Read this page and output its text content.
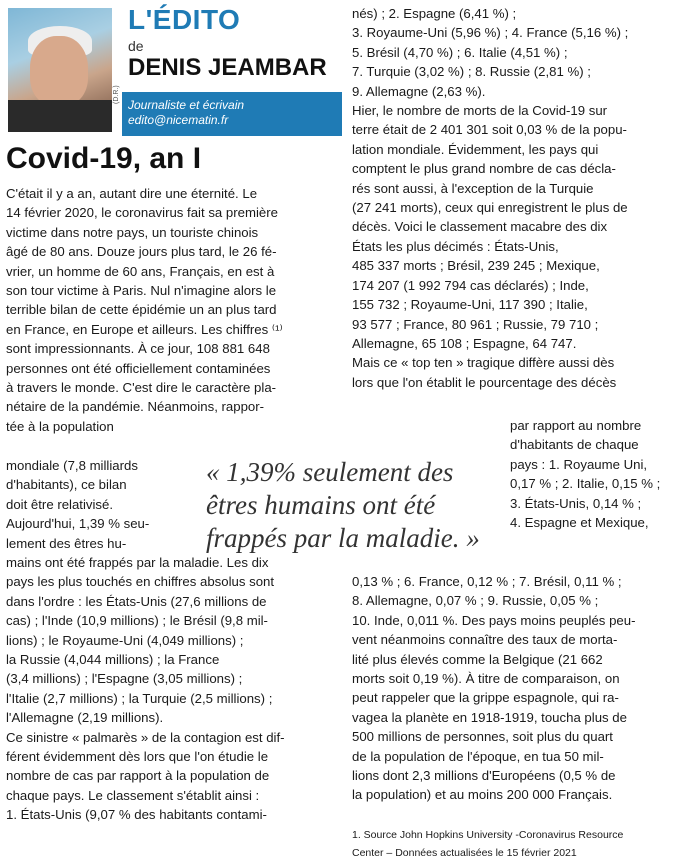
(D.R.)
L'ÉDITO
de
DENIS JEAMBAR
Journaliste et écrivain
edito@nicematin.fr
Covid-19, an I
C'était il y a an, autant dire une éternité. Le
14 février 2020, le coronavirus fait sa première
victime dans notre pays, un touriste chinois
âgé de 80 ans. Douze jours plus tard, le 26 fé-
vrier, un homme de 60 ans, Français, en est à
son tour victime à Paris. Nul n'imagine alors le
terrible bilan de cette épidémie un an plus tard
en France, en Europe et ailleurs. Les chiffres ⁽¹⁾
sont impressionnants. À ce jour, 108 881 648
personnes ont été officiellement contaminées
à travers le monde. C'est dire le caractère pla-
nétaire de la pandémie. Néanmoins, rappor-
tée à la population
mondiale (7,8 milliards
d'habitants), ce bilan
doit être relativisé.
Aujourd'hui, 1,39 % seu-
lement des êtres hu-
mains ont été frappés par la maladie. Les dix
pays les plus touchés en chiffres absolus sont
dans l'ordre : les États-Unis (27,6 millions de
cas) ; l'Inde (10,9 millions) ; le Brésil (9,8 mil-
lions) ; le Royaume-Uni (4,049 millions) ;
la Russie (4,044 millions) ; la France
(3,4 millions) ; l'Espagne (3,05 millions) ;
l'Italie (2,7 millions) ; la Turquie (2,5 millions) ;
l'Allemagne (2,19 millions).
Ce sinistre « palmarès » de la contagion est dif-
férent évidemment dès lors que l'on étudie le
nombre de cas par rapport à la population de
chaque pays. Le classement s'établit ainsi :
1. États-Unis (9,07 % des habitants contami-
nés) ; 2. Espagne (6,41 %) ;
3. Royaume-Uni (5,96 %) ; 4. France (5,16 %) ;
5. Brésil (4,70 %) ; 6. Italie (4,51 %) ;
7. Turquie (3,02 %) ; 8. Russie (2,81 %) ;
9. Allemagne (2,63 %).
Hier, le nombre de morts de la Covid-19 sur
terre était de 2 401 301 soit 0,03 % de la popu-
lation mondiale. Évidemment, les pays qui
comptent le plus grand nombre de cas décla-
rés sont aussi, à l'exception de la Turquie
(27 241 morts), ceux qui enregistrent le plus de
décès. Voici le classement macabre des dix
États les plus décimés : États-Unis,
485 337 morts ; Brésil, 239 245 ; Mexique,
174 207 (1 992 794 cas déclarés) ; Inde,
155 732 ; Royaume-Uni, 117 390 ; Italie,
93 577 ; France, 80 961 ; Russie, 79 710 ;
Allemagne, 65 108 ; Espagne, 64 747.
Mais ce « top ten » tragique diffère aussi dès
lors que l'on établit le pourcentage des décès
par rapport au nombre
d'habitants de chaque
pays : 1. Royaume Uni,
0,17 % ; 2. Italie, 0,15 % ;
3. États-Unis, 0,14 % ;
4. Espagne et Mexique,
0,13 % ; 6. France, 0,12 % ; 7. Brésil, 0,11 % ;
8. Allemagne, 0,07 % ; 9. Russie, 0,05 % ;
10. Inde, 0,011 %. Des pays moins peuplés peu-
vent néanmoins connaître des taux de morta-
lité plus élevés comme la Belgique (21 662
morts soit 0,19 %). À titre de comparaison, on
peut rappeler que la grippe espagnole, qui ra-
vagea la planète en 1918-1919, toucha plus de
500 millions de personnes, soit plus du quart
de la population de l'époque, en tua 50 mil-
lions dont 2,3 millions d'Européens (0,5 % de
la population) et au moins 200 000 Français.
« 1,39% seulement des
êtres humains ont été
frappés par la maladie. »
1. Source John Hopkins University -Coronavirus Resource
Center – Données actualisées le 15 février 2021
